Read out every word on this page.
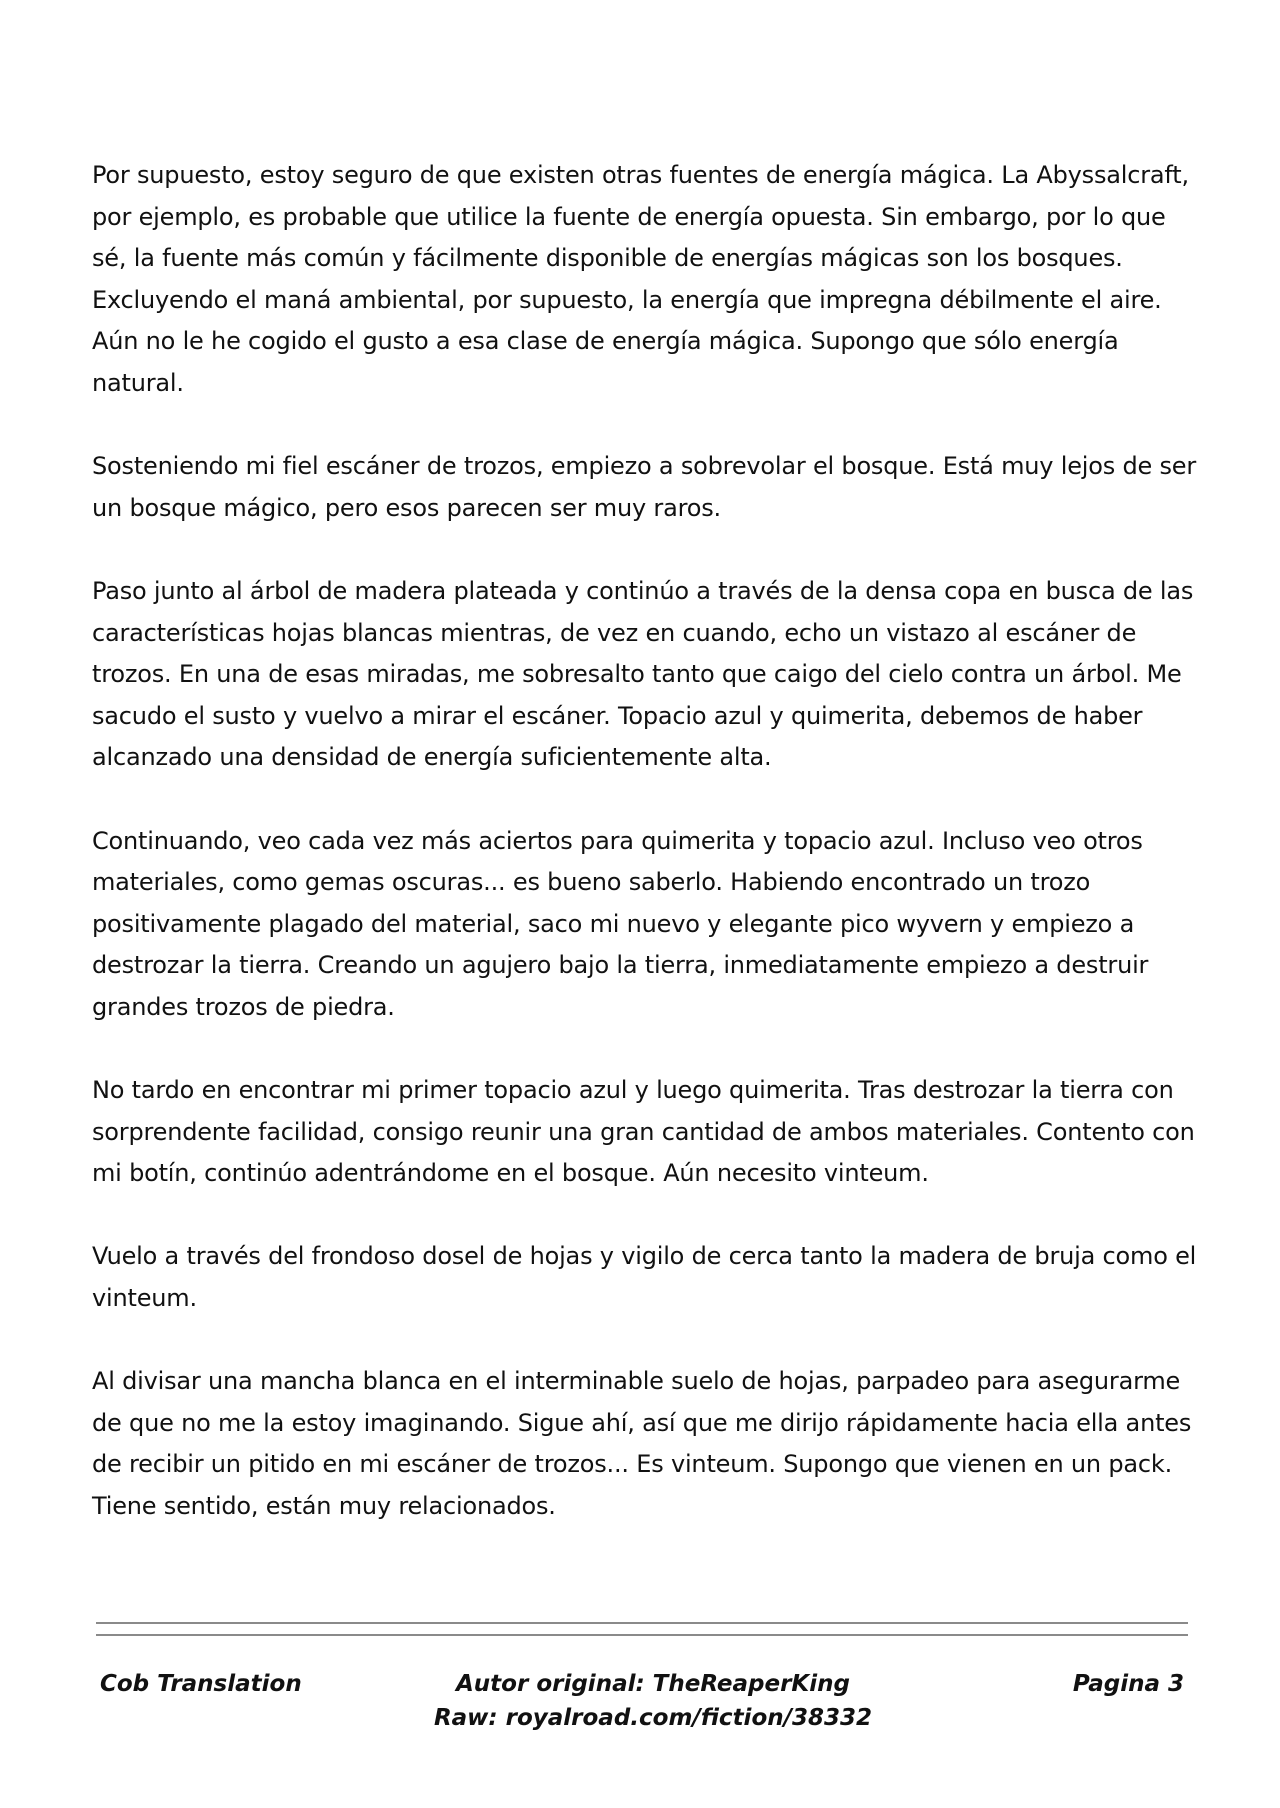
Por supuesto, estoy seguro de que existen otras fuentes de energía mágica. La Abyssalcraft, por ejemplo, es probable que utilice la fuente de energía opuesta. Sin embargo, por lo que sé, la fuente más común y fácilmente disponible de energías mágicas son los bosques. Excluyendo el maná ambiental, por supuesto, la energía que impregna débilmente el aire. Aún no le he cogido el gusto a esa clase de energía mágica. Supongo que sólo energía natural.

Sosteniendo mi fiel escáner de trozos, empiezo a sobrevolar el bosque. Está muy lejos de ser un bosque mágico, pero esos parecen ser muy raros.

Paso junto al árbol de madera plateada y continúo a través de la densa copa en busca de las características hojas blancas mientras, de vez en cuando, echo un vistazo al escáner de trozos. En una de esas miradas, me sobresalto tanto que caigo del cielo contra un árbol. Me sacudo el susto y vuelvo a mirar el escáner. Topacio azul y quimerita, debemos de haber alcanzado una densidad de energía suficientemente alta.

Continuando, veo cada vez más aciertos para quimerita y topacio azul. Incluso veo otros materiales, como gemas oscuras... es bueno saberlo. Habiendo encontrado un trozo positivamente plagado del material, saco mi nuevo y elegante pico wyvern y empiezo a destrozar la tierra. Creando un agujero bajo la tierra, inmediatamente empiezo a destruir grandes trozos de piedra.

No tardo en encontrar mi primer topacio azul y luego quimerita. Tras destrozar la tierra con sorprendente facilidad, consigo reunir una gran cantidad de ambos materiales. Contento con mi botín, continúo adentrándome en el bosque. Aún necesito vinteum.

Vuelo a través del frondoso dosel de hojas y vigilo de cerca tanto la madera de bruja como el vinteum.

Al divisar una mancha blanca en el interminable suelo de hojas, parpadeo para asegurarme de que no me la estoy imaginando. Sigue ahí, así que me dirijo rápidamente hacia ella antes de recibir un pitido en mi escáner de trozos... Es vinteum. Supongo que vienen en un pack. Tiene sentido, están muy relacionados.

Cob Translation	Autor original: TheReaperKing
Raw: royalroad.com/fiction/38332
Pagina 3
